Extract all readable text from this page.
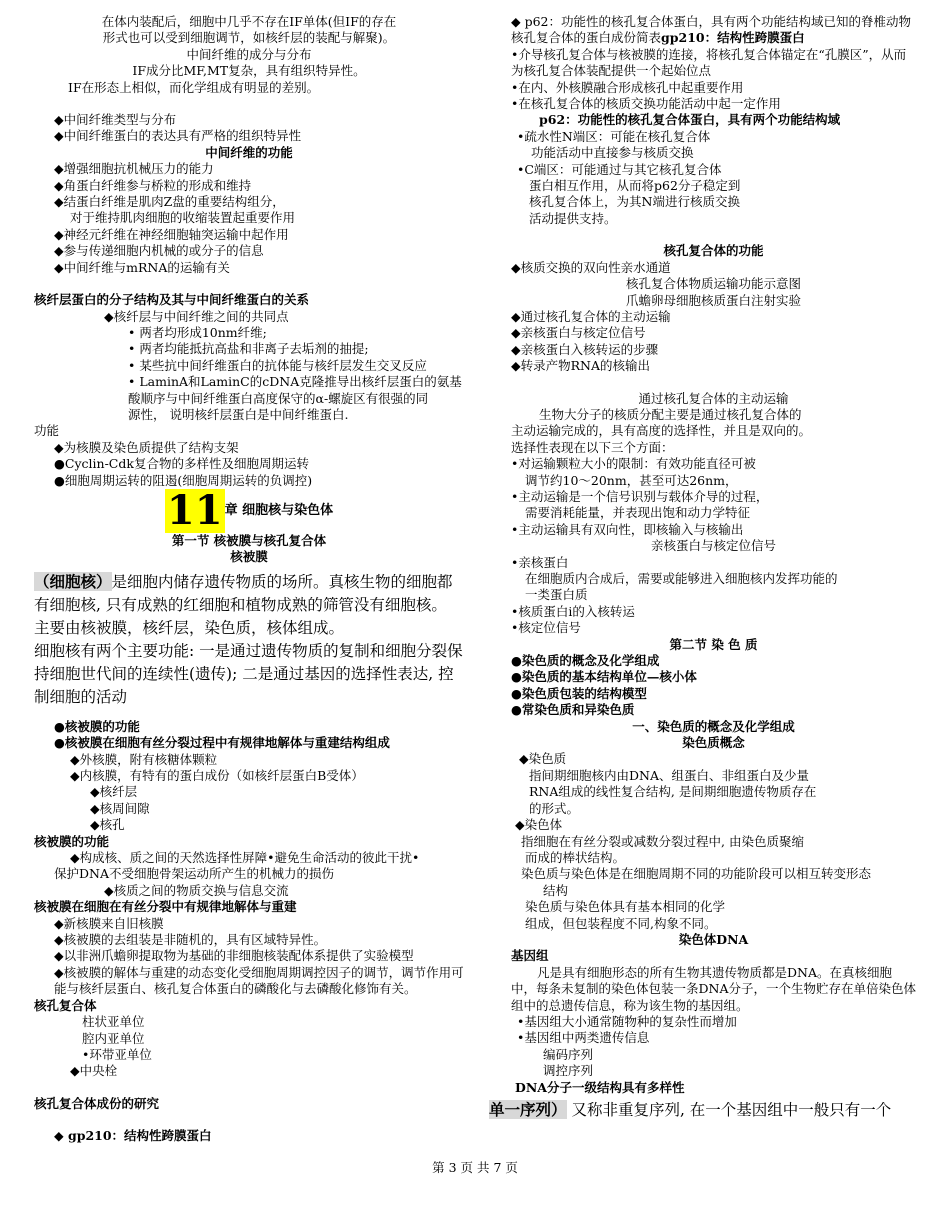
在体内装配后，细胞中几乎不存在IF单体(但IF的存在
形式也可以受到细胞调节，如核纤层的装配与解聚)。
中间纤维的成分与分布
IF成分比MF,MT复杂，具有组织特异性。
IF在形态上相似，而化学组成有明显的差别。
◆中间纤维类型与分布
◆中间纤维蛋白的表达具有严格的组织特异性
中间纤维的功能
◆增强细胞抗机械压力的能力
◆角蛋白纤维参与桥粒的形成和维持
◆结蛋白纤维是肌肉Z盘的重要结构组分，
对于维持肌肉细胞的收缩装置起重要作用
◆神经元纤维在神经细胞轴突运输中起作用
◆参与传递细胞内机械的或分子的信息
◆中间纤维与mRNA的运输有关
核纤层蛋白的分子结构及其与中间纤维蛋白的关系
◆核纤层与中间纤维之间的共同点
• 两者均形成10nm纤维;
• 两者均能抵抗高盐和非离子去垢剂的抽提;
• 某些抗中间纤维蛋白的抗体能与核纤层发生交叉反应
• LaminA和LaminC的cDNA克隆推导出核纤层蛋白的氨基
酸顺序与中间纤维蛋白高度保守的α-螺旋区有很强的同
源性， 说明核纤层蛋白是中间纤维蛋白.
功能
◆为核膜及染色质提供了结构支架
●Cyclin-Cdk复合物的多样性及细胞周期运转
●细胞周期运转的阻遏(细胞周期运转的负调控)
11 章 细胞核与染色体
第一节 核被膜与核孔复合体
核被膜
（细胞核）是细胞内储存遗传物质的场所。真核生物的细胞都有细胞核, 只有成熟的红细胞和植物成熟的筛管没有细胞核。
主要由核被膜，核纤层，染色质，核体组成。
细胞核有两个主要功能: 一是通过遗传物质的复制和细胞分裂保持细胞世代间的连续性(遗传); 二是通过基因的选择性表达, 控制细胞的活动
●核被膜的功能
●核被膜在细胞有丝分裂过程中有规律地解体与重建结构组成
◆外核膜，附有核糖体颗粒
◆内核膜，有特有的蛋白成份（如核纤层蛋白B受体）
◆核纤层
◆核周间隙
◆核孔
核被膜的功能
◆构成核、质之间的天然选择性屏障•避免生命活动的彼此干扰•
保护DNA不受细胞骨架运动所产生的机械力的损伤
◆核质之间的物质交换与信息交流
核被膜在细胞在有丝分裂中有规律地解体与重建
◆新核膜来自旧核膜
◆核被膜的去组装是非随机的，具有区域特异性。
◆以非洲爪蟾卵提取物为基础的非细胞核装配体系提供了实验模型
◆核被膜的解体与重建的动态变化受细胞周期调控因子的调节，调节作用可能与核纤层蛋白、核孔复合体蛋白的磷酸化与去磷酸化修饰有关。
核孔复合体
柱状亚单位
腔内亚单位
•环带亚单位
◆中央栓
核孔复合体成份的研究
◆ gp210：结构性跨膜蛋白
◆ p62：功能性的核孔复合体蛋白，具有两个功能结构域已知的脊椎动物核孔复合体的蛋白成份简表gp210：结构性跨膜蛋白
•介导核孔复合体与核被膜的连接，将核孔复合体锚定在“孔膜区”，从而为核孔复合体装配提供一个起始位点
•在内、外核膜融合形成核孔中起重要作用
•在核孔复合体的核质交换功能活动中起一定作用
p62：功能性的核孔复合体蛋白，具有两个功能结构域
•疏水性N端区：可能在核孔复合体
功能活动中直接参与核质交换
•C端区：可能通过与其它核孔复合体
蛋白相互作用，从而将p62分子稳定到
核孔复合体上，为其N端进行核质交换
活动提供支持。
核孔复合体的功能
◆核质交换的双向性亲水通道
核孔复合体物质运输功能示意图
爪蟾卵母细胞核质蛋白注射实验
◆通过核孔复合体的主动运输
◆亲核蛋白与核定位信号
◆亲核蛋白入核转运的步骤
◆转录产物RNA的核输出
通过核孔复合体的主动运输
生物大分子的核质分配主要是通过核孔复合体的
主动运输完成的，具有高度的选择性，并且是双向的。
选择性表现在以下三个方面：
•对运输颗粒大小的限制：有效功能直径可被
调节约10～20nm，甚至可达26nm，
•主动运输是一个信号识别与载体介导的过程，
需要消耗能量，并表现出饱和动力学特征
•主动运输具有双向性，即核输入与核输出
亲核蛋白与核定位信号
•亲核蛋白
在细胞质内合成后，需要或能够进入细胞核内发挥功能的
一类蛋白质
•核质蛋白i的入核转运
•核定位信号
第二节 染 色 质
●染色质的概念及化学组成
●染色质的基本结构单位—核小体
●染色质包装的结构模型
●常染色质和异染色质
一、染色质的概念及化学组成
染色质概念
◆染色质
指间期细胞核内由DNA、组蛋白、非组蛋白及少量
RNA组成的线性复合结构, 是间期细胞遗传物质存在
的形式。
◆染色体
指细胞在有丝分裂或减数分裂过程中, 由染色质聚缩
而成的棒状结构。
染色质与染色体是在细胞周期不同的功能阶段可以相互转变形态
结构
染色质与染色体具有基本相同的化学
组成，但包装程度不同,构象不同。
染色体DNA
基因组
凡是具有细胞形态的所有生物其遗传物质都是DNA。在真核细胞中，每条未复制的染色体包装一条DNA分子，一个生物贮存在单倍染色体组中的总遗传信息，称为该生物的基因组。
•基因组大小通常随物种的复杂性而增加
•基因组中两类遗传信息
编码序列
调控序列
DNA分子一级结构具有多样性
单一序列） 又称非重复序列, 在一个基因组中一般只有一个
第 3 页 共 7 页
